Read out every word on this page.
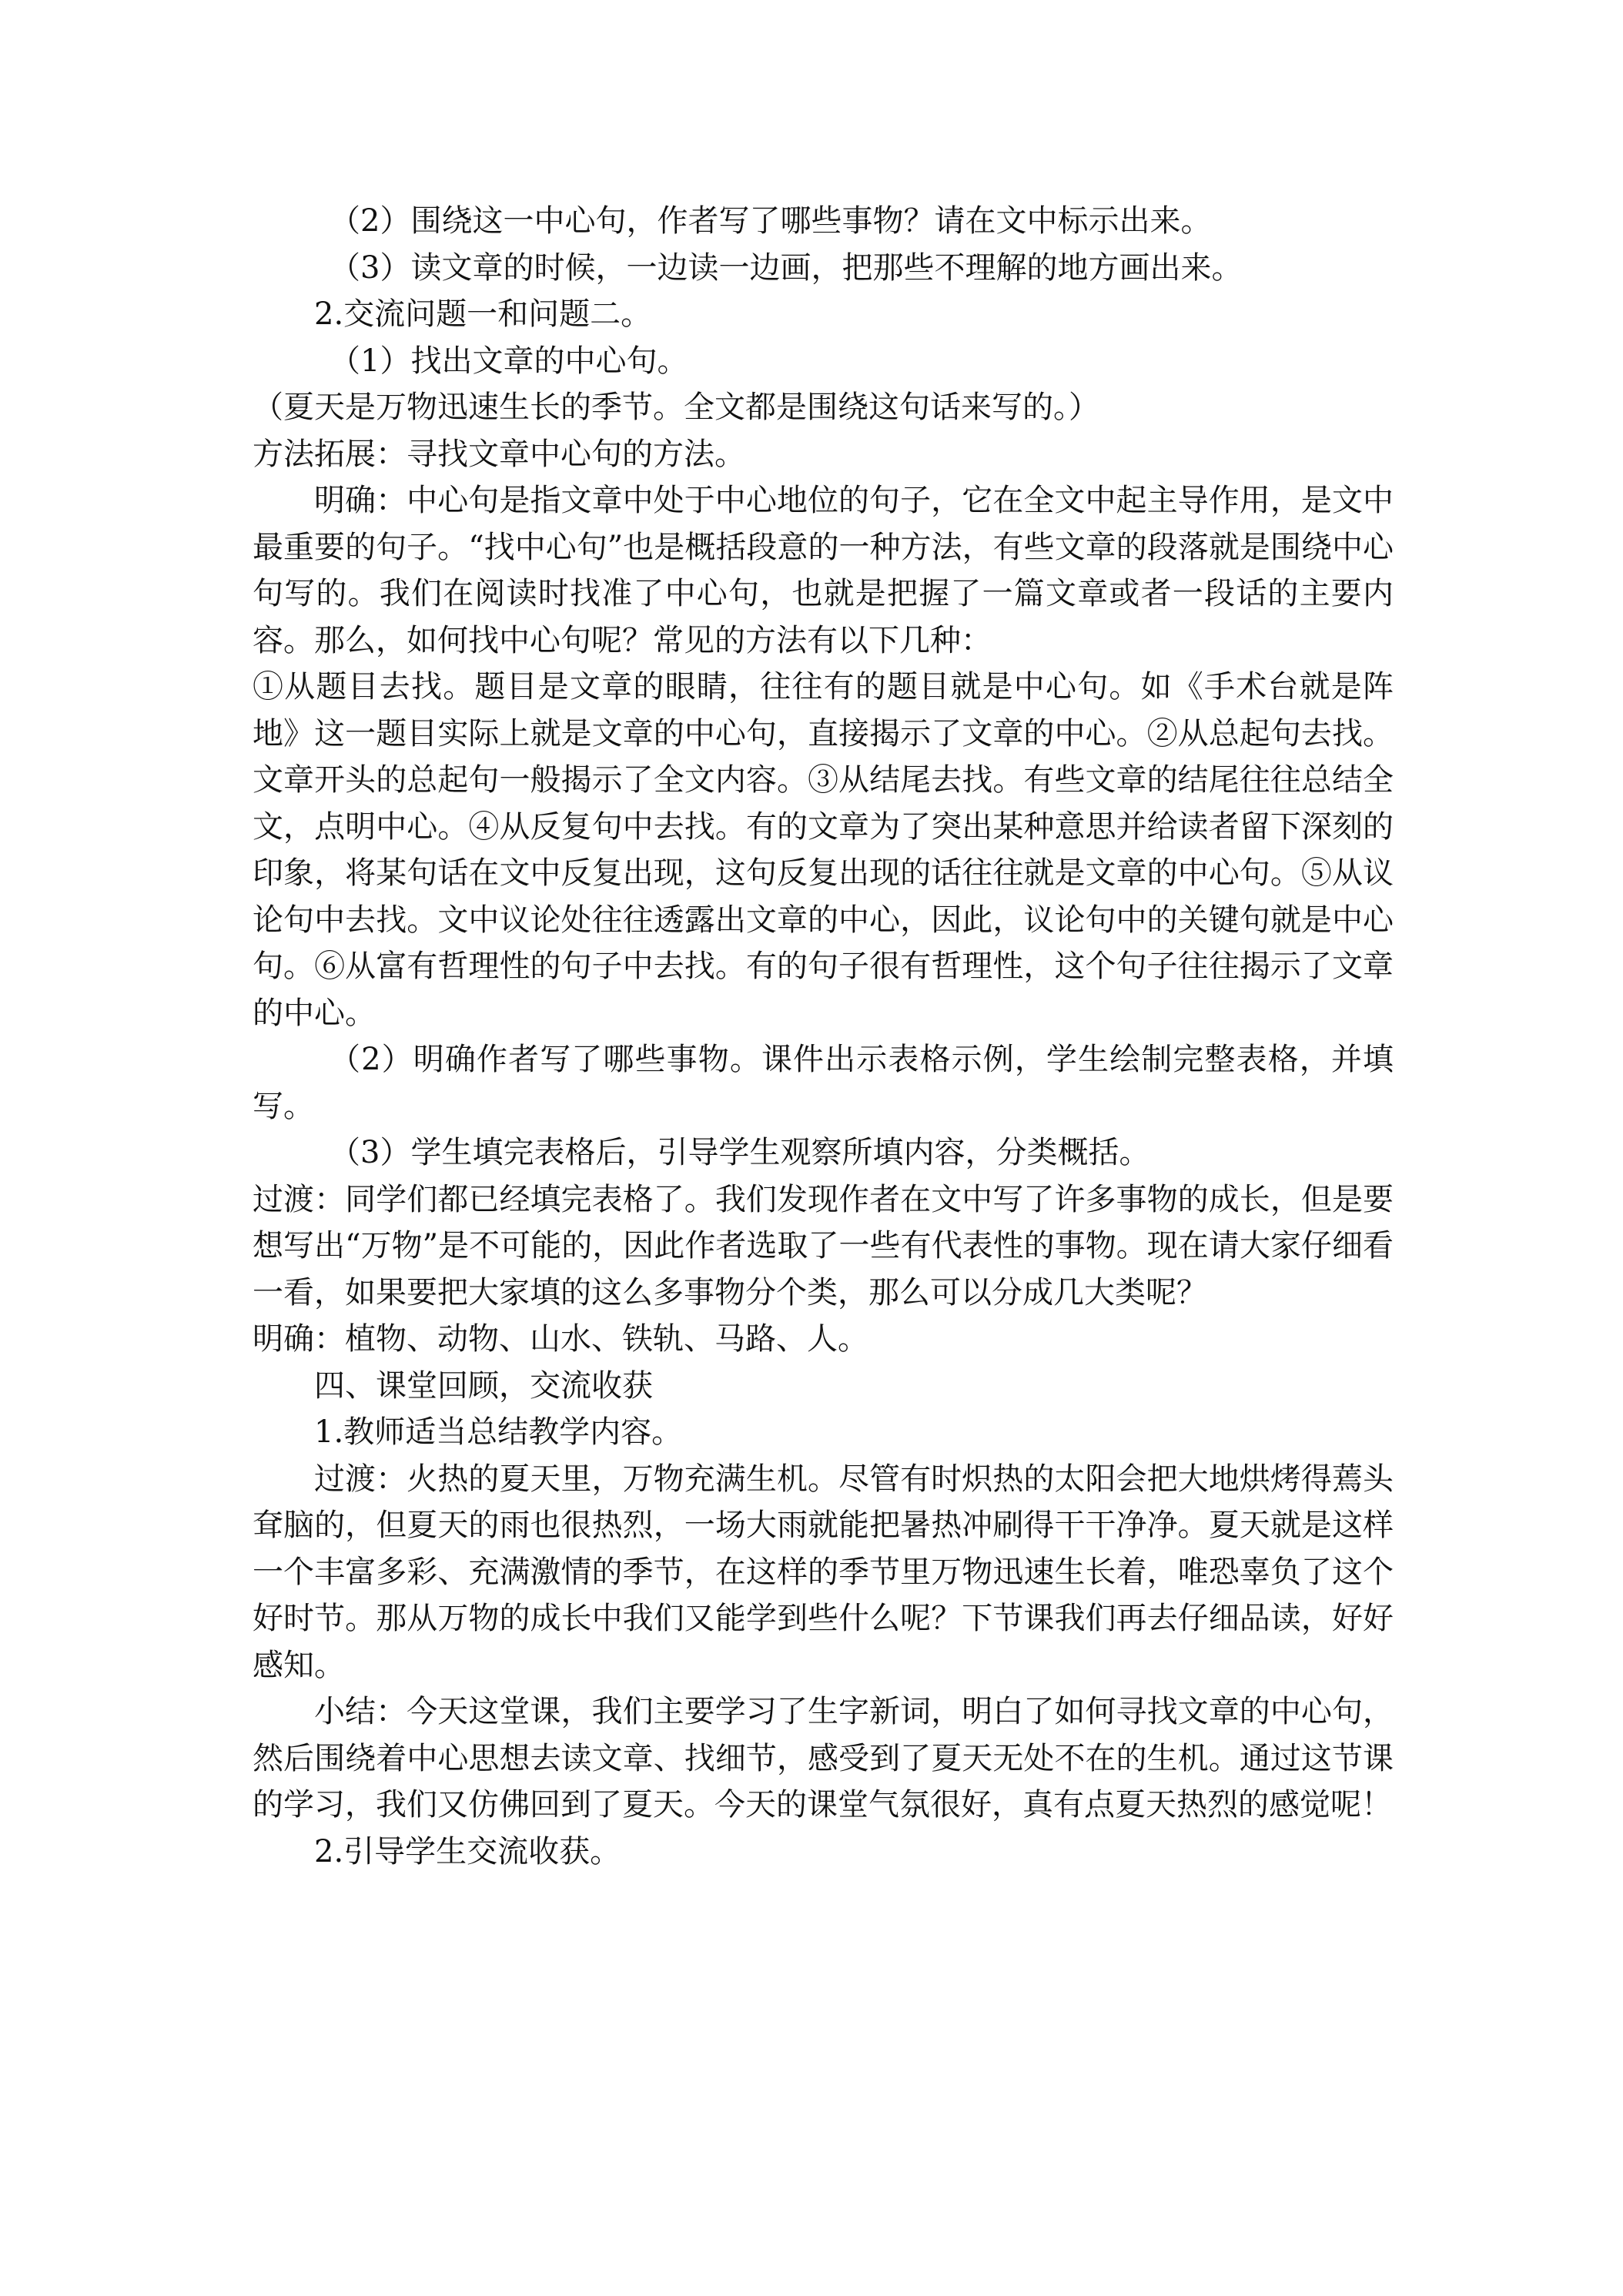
（2）围绕这一中心句，作者写了哪些事物？请在文中标示出来。

（3）读文章的时候，一边读一边画，把那些不理解的地方画出来。

2.交流问题一和问题二。

（1）找出文章的中心句。

（夏天是万物迅速生长的季节。全文都是围绕这句话来写的。）

方法拓展：寻找文章中心句的方法。

明确：中心句是指文章中处于中心地位的句子，它在全文中起主导作用，是文中最重要的句子。“找中心句”也是概括段意的一种方法，有些文章的段落就是围绕中心句写的。我们在阅读时找准了中心句，也就是把握了一篇文章或者一段话的主要内容。那么，如何找中心句呢？常见的方法有以下几种：

①从题目去找。题目是文章的眼睛，往往有的题目就是中心句。如《手术台就是阵地》这一题目实际上就是文章的中心句，直接揭示了文章的中心。②从总起句去找。文章开头的总起句一般揭示了全文内容。③从结尾去找。有些文章的结尾往往总结全文，点明中心。④从反复句中去找。有的文章为了突出某种意思并给读者留下深刻的印象，将某句话在文中反复出现，这句反复出现的话往往就是文章的中心句。⑤从议论句中去找。文中议论处往往透露出文章的中心，因此，议论句中的关键句就是中心句。⑥从富有哲理性的句子中去找。有的句子很有哲理性，这个句子往往揭示了文章的中心。

（2）明确作者写了哪些事物。课件出示表格示例，学生绘制完整表格，并填写。

（3）学生填完表格后，引导学生观察所填内容，分类概括。

过渡：同学们都已经填完表格了。我们发现作者在文中写了许多事物的成长，但是要想写出“万物”是不可能的，因此作者选取了一些有代表性的事物。现在请大家仔细看一看，如果要把大家填的这么多事物分个类，那么可以分成几大类呢？

明确：植物、动物、山水、铁轨、马路、人。

四、课堂回顾，交流收获

1.教师适当总结教学内容。

过渡：火热的夏天里，万物充满生机。尽管有时炽热的太阳会把大地烘烤得蔫头耷脑的，但夏天的雨也很热烈，一场大雨就能把暑热冲刷得干干净净。夏天就是这样一个丰富多彩、充满激情的季节，在这样的季节里万物迅速生长着，唯恐辜负了这个好时节。那从万物的成长中我们又能学到些什么呢？下节课我们再去仔细品读，好好感知。

小结：今天这堂课，我们主要学习了生字新词，明白了如何寻找文章的中心句，然后围绕着中心思想去读文章、找细节，感受到了夏天无处不在的生机。通过这节课的学习，我们又仿佛回到了夏天。今天的课堂气氛很好，真有点夏天热烈的感觉呢！

2.引导学生交流收获。
